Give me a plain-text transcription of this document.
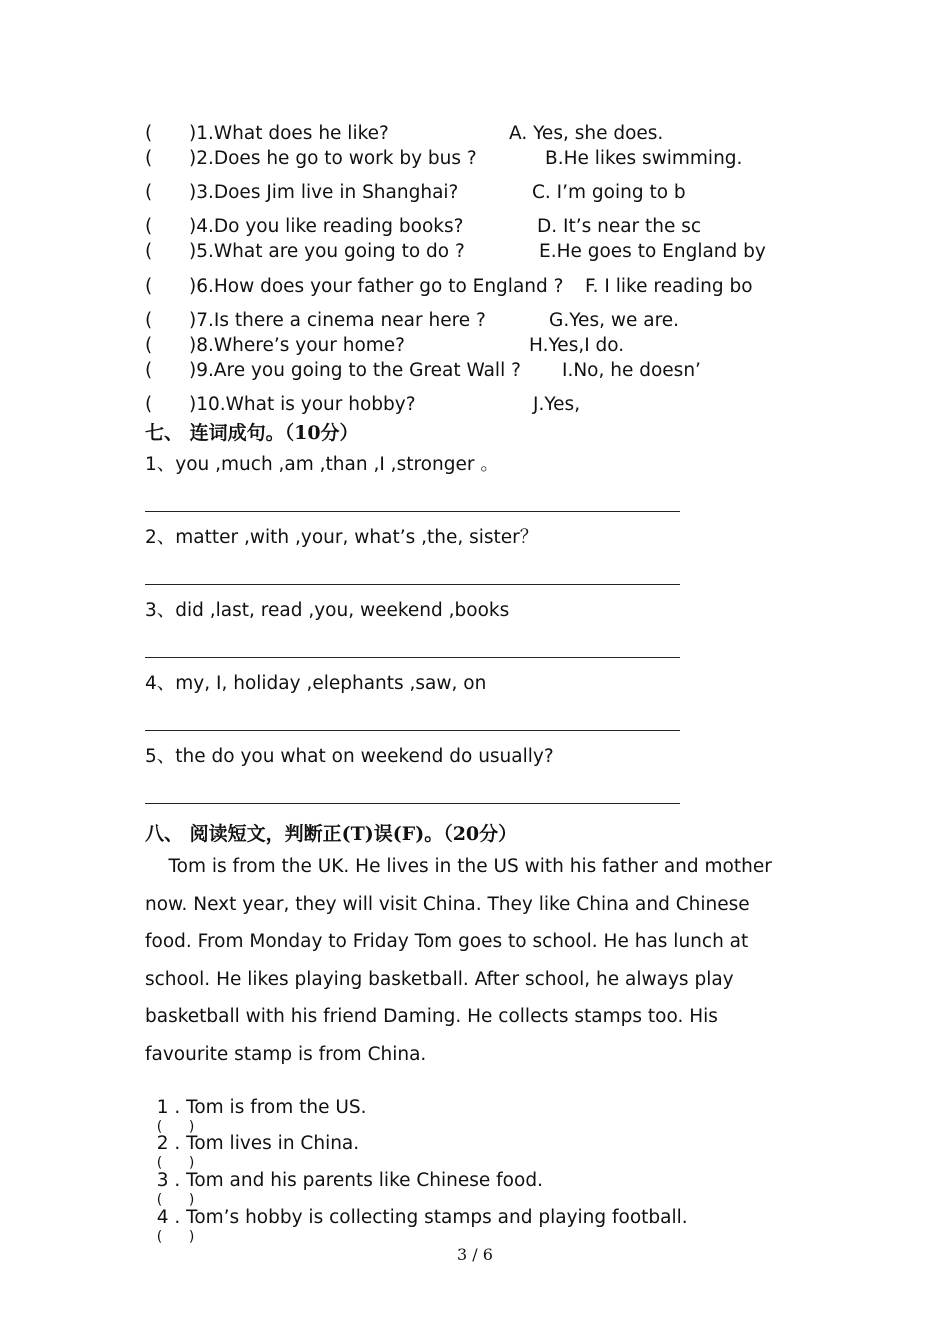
( )1.What does he like?	A. Yes, she does.
( )2.Does he go to work by bus ?	B.He likes swimming.
( )3.Does Jim live in Shanghai?	C. I’m going to b
( )4.Do you like reading books?	D. It’s near the sc
( )5.What are you going to do ?	E.He goes to England by
( )6.How does your father go to England ? F. I like reading bo
( )7.Is there a cinema near here ?	G.Yes, we are.
( )8.Where’s your home?	H.Yes,I do.
( )9.Are you going to the Great Wall ? I.No, he doesn’
( )10.What is your hobby?	J.Yes,
七、 连词成句。（10分）
1、you ,much ,am ,than ,I ,stronger 。
2、matter ,with ,your, what’s ,the, sister？
3、did ,last, read ,you, weekend ,books
4、my, I, holiday ,elephants ,saw, on
5、the do you what on weekend do usually?
八、 阅读短文，判断正(T)误(F)。（20分）

Tom is from the UK. He lives in the US with his father and mother

now. Next year, they will visit China. They like China and Chinese

food. From Monday to Friday Tom goes to school. He has lunch at

school. He likes playing basketball. After school, he always play

basketball with his friend Daming. He collects stamps too. His

favourite stamp is from China.

1 . Tom is from the US.
(      )

2 . Tom lives in China.
(      )

3 . Tom and his parents like Chinese food.
(      )

4 . Tom’s hobby is collecting stamps and playing football.
(      )

3 / 6
